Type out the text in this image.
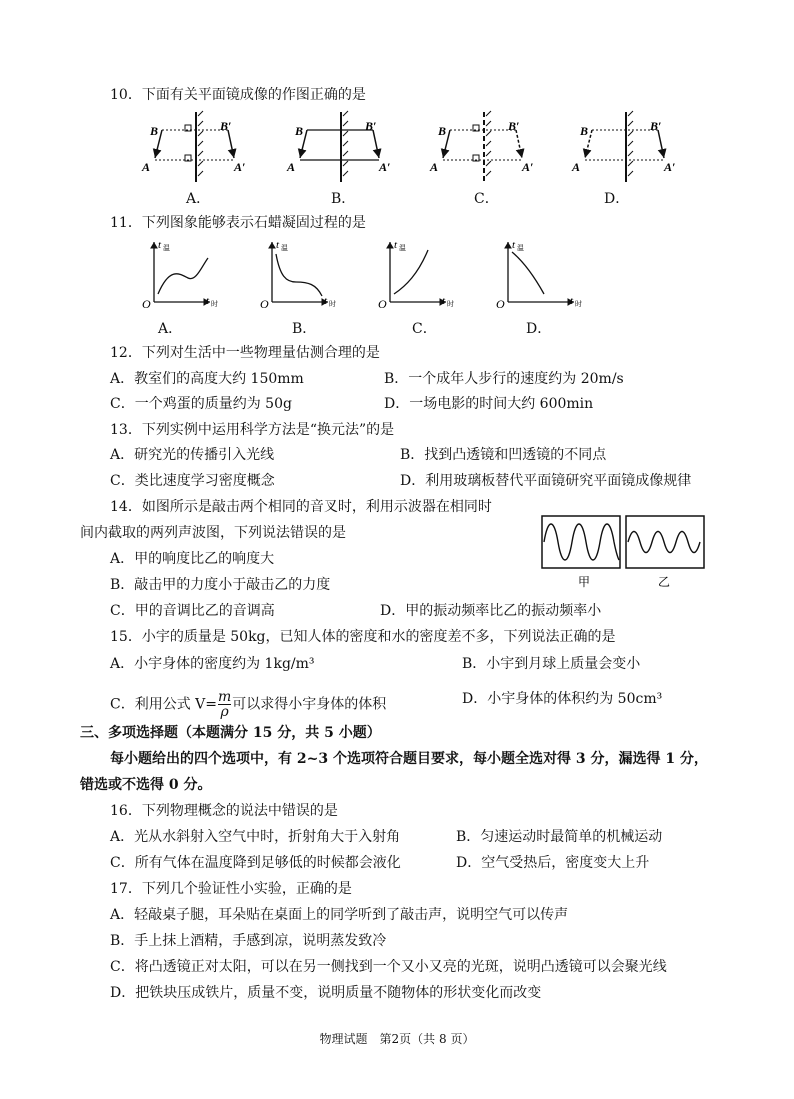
10．下面有关平面镜成像的作图正确的是
B	B′
A	A′
B	B′
A	A′
B	B′
A	A′
B	B′
A	A′
A．	B．	C．	D．
11．下列图象能够表示石蜡凝固过程的是
O
t 温
t 时	O
t 温
t 时	O
t 温
t 时	O
t 温
t 时
A．	B．	C．	D．
12．下列对生活中一些物理量估测合理的是
A．教室们的高度大约 150mm	B．一个成年人步行的速度约为 20m/s
C．一个鸡蛋的质量约为 50g	D．一场电影的时间大约 600min
13．下列实例中运用科学方法是“换元法”的是
A．研究光的传播引入光线	B．找到凸透镜和凹透镜的不同点
C．类比速度学习密度概念	D．利用玻璃板替代平面镜研究平面镜成像规律
14．如图所示是敲击两个相同的音叉时，利用示波器在相同时
间内截取的两列声波图，下列说法错误的是
A．甲的响度比乙的响度大
B．敲击甲的力度小于敲击乙的力度
C．甲的音调比乙的音调高	D．甲的振动频率比乙的振动频率小
甲	乙
15．小宇的质量是 50kg，已知人体的密度和水的密度差不多，下列说法正确的是
A．小宇身体的密度约为 1kg/m³	B．小宇到月球上质量会变小
C．利用公式 $V= \frac{m}{\rho}$ 可以求得小宇身体的体积	D．小宇身体的体积约为 50cm³
三、多项选择题（本题满分 15 分，共 5 小题）
每小题给出的四个选项中，有 2~3 个选项符合题目要求，每小题全选对得 3 分，漏选得 1 分，
错选或不选得 0 分。
16．下列物理概念的说法中错误的是
A．光从水斜射入空气中时，折射角大于入射角	B．匀速运动时最简单的机械运动
C．所有气体在温度降到足够低的时候都会液化	D．空气受热后，密度变大上升
17．下列几个验证性小实验，正确的是
A．轻敲桌子腿，耳朵贴在桌面上的同学听到了敲击声，说明空气可以传声
B．手上抹上酒精，手感到凉，说明蒸发致冷
C．将凸透镜正对太阳，可以在另一侧找到一个又小又亮的光斑，说明凸透镜可以会聚光线
D．把铁块压成铁片，质量不变，说明质量不随物体的形状变化而改变
物理试题　第2页（共 8 页）
